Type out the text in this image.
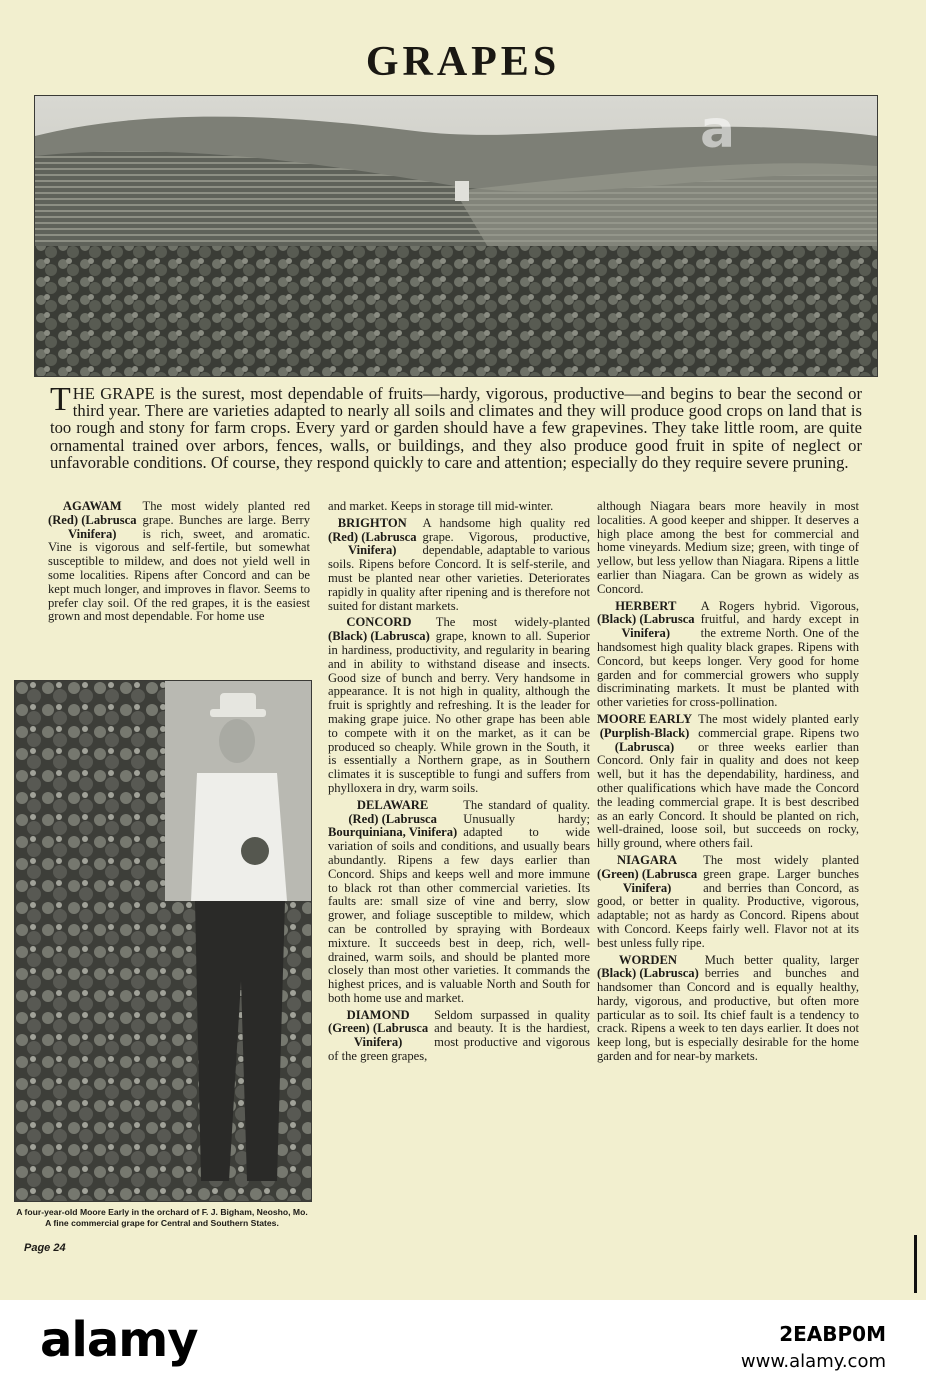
GRAPES

THE GRAPE is the surest, most dependable of fruits—hardy, vigorous, productive—and begins to bear the second or third year. There are varieties adapted to nearly all soils and climates and they will produce good crops on land that is too rough and stony for farm crops. Every yard or garden should have a few grapevines. They take little room, are quite ornamental trained over arbors, fences, walls, or buildings, and they also produce good fruit in spite of neglect or unfavorable conditions. Of course, they respond quickly to care and attention; especially do they require severe pruning.

AGAWAM
(Red) (Labrusca
Vinifera)
The most widely planted red grape. Bunches are large. Berry is rich, sweet, and aromatic. Vine is vigorous and self-fertile, but somewhat susceptible to mildew, and does not yield well in some localities. Ripens after Concord and can be kept much longer, and improves in flavor. Seems to prefer clay soil. Of the red grapes, it is the easiest grown and most dependable. For home use
A four-year-old Moore Early in the orchard of F. J. Bigham, Neosho, Mo. A fine commercial grape for Central and Southern States.
Page 24
and market. Keeps in storage till mid-winter.
BRIGHTON
(Red) (Labrusca
Vinifera)
A handsome high quality red grape. Vigorous, productive, dependable, adaptable to various soils. Ripens before Concord. It is self-sterile, and must be planted near other varieties. Deteriorates rapidly in quality after ripening and is therefore not suited for distant markets.
CONCORD
(Black) (Labrusca)
The most widely-planted grape, known to all. Superior in hardiness, productivity, and regularity in bearing and in ability to withstand disease and insects. Good size of bunch and berry. Very handsome in appearance. It is not high in quality, although the fruit is sprightly and refreshing. It is the leader for making grape juice. No other grape has been able to compete with it on the market, as it can be produced so cheaply. While grown in the South, it is essentially a Northern grape, as in Southern climates it is susceptible to fungi and suffers from phylloxera in dry, warm soils.
DELAWARE
(Red) (Labrusca
Bourquiniana, Vinifera)
The standard of quality. Unusually hardy; adapted to wide variation of soils and conditions, and usually bears abundantly. Ripens a few days earlier than Concord. Ships and keeps well and more immune to black rot than other commercial varieties. Its faults are: small size of vine and berry, slow grower, and foliage susceptible to mildew, which can be controlled by spraying with Bordeaux mixture. It succeeds best in deep, rich, well-drained, warm soils, and should be planted more closely than most other varieties. It commands the highest prices, and is valuable North and South for both home use and market.
DIAMOND
(Green) (Labrusca
Vinifera)
Seldom surpassed in quality and beauty. It is the hardiest, most productive and vigorous of the green grapes,
although Niagara bears more heavily in most localities. A good keeper and shipper. It deserves a high place among the best for commercial and home vineyards. Medium size; green, with tinge of yellow, but less yellow than Niagara. Ripens a little earlier than Niagara. Can be grown as widely as Concord.
HERBERT
(Black) (Labrusca
Vinifera)
A Rogers hybrid. Vigorous, fruitful, and hardy except in the extreme North. One of the handsomest high quality black grapes. Ripens with Concord, but keeps longer. Very good for home garden and for commercial growers who supply discriminating markets. It must be planted with other varieties for cross-pollination.
MOORE EARLY
(Purplish-Black)
(Labrusca)
The most widely planted early commercial grape. Ripens two or three weeks earlier than Concord. Only fair in quality and does not keep well, but it has the dependability, hardiness, and other qualifications which have made the Concord the leading commercial grape. It is best described as an early Concord. It should be planted on rich, well-drained, loose soil, but succeeds on rocky, hilly ground, where others fail.
NIAGARA
(Green) (Labrusca
Vinifera)
The most widely planted green grape. Larger bunches and berries than Concord, as good, or better in quality. Productive, vigorous, adaptable; not as hardy as Concord. Ripens about with Concord. Keeps fairly well. Flavor not at its best unless fully ripe.
WORDEN
(Black) (Labrusca)
Much better quality, larger berries and bunches and handsomer than Concord and is equally healthy, hardy, vigorous, and productive, but often more particular as to soil. Its chief fault is a tendency to crack. Ripens a week to ten days earlier. It does not keep long, but is especially desirable for the home garden and for near-by markets.
a
alamy	2EABP0M
www.alamy.com
